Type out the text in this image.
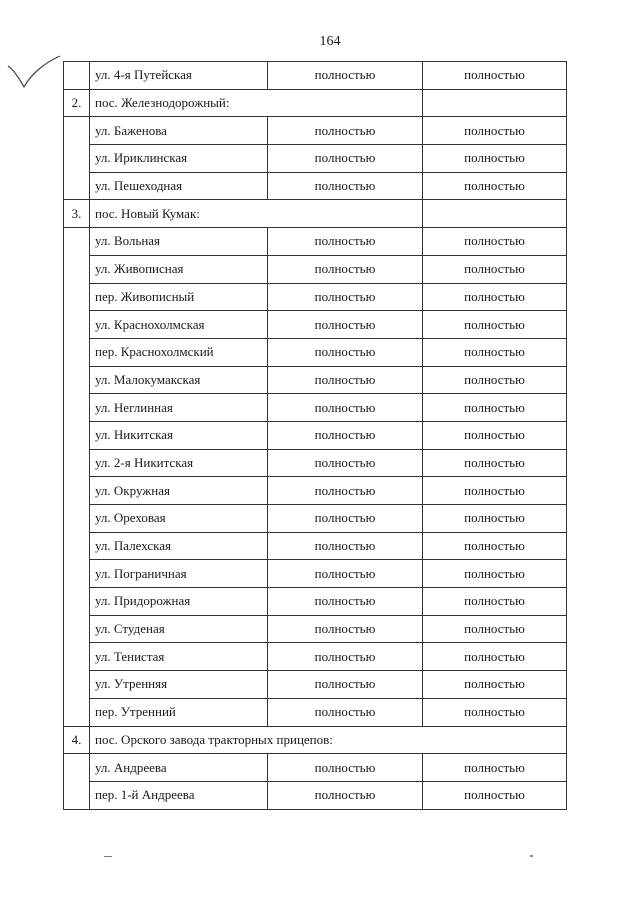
164
	ул. 4-я Путейская	полностью	полностью
2.	пос. Железнодорожный:		
	ул. Баженова	полностью	полностью
	ул. Ириклинская	полностью	полностью
	ул. Пешеходная	полностью	полностью
3.	пос. Новый Кумак:		
	ул. Вольная	полностью	полностью
	ул. Живописная	полностью	полностью
	пер. Живописный	полностью	полностью
	ул. Краснохолмская	полностью	полностью
	пер. Краснохолмский	полностью	полностью
	ул. Малокумакская	полностью	полностью
	ул. Неглинная	полностью	полностью
	ул. Никитская	полностью	полностью
	ул. 2-я Никитская	полностью	полностью
	ул. Окружная	полностью	полностью
	ул. Ореховая	полностью	полностью
	ул. Палехская	полностью	полностью
	ул. Пограничная	полностью	полностью
	ул. Придорожная	полностью	полностью
	ул. Студеная	полностью	полностью
	ул. Тенистая	полностью	полностью
	ул. Утренняя	полностью	полностью
	пер. Утренний	полностью	полностью
4.	пос. Орского завода тракторных прицепов:		
	ул. Андреева	полностью	полностью
	пер. 1-й Андреева	полностью	полностью
